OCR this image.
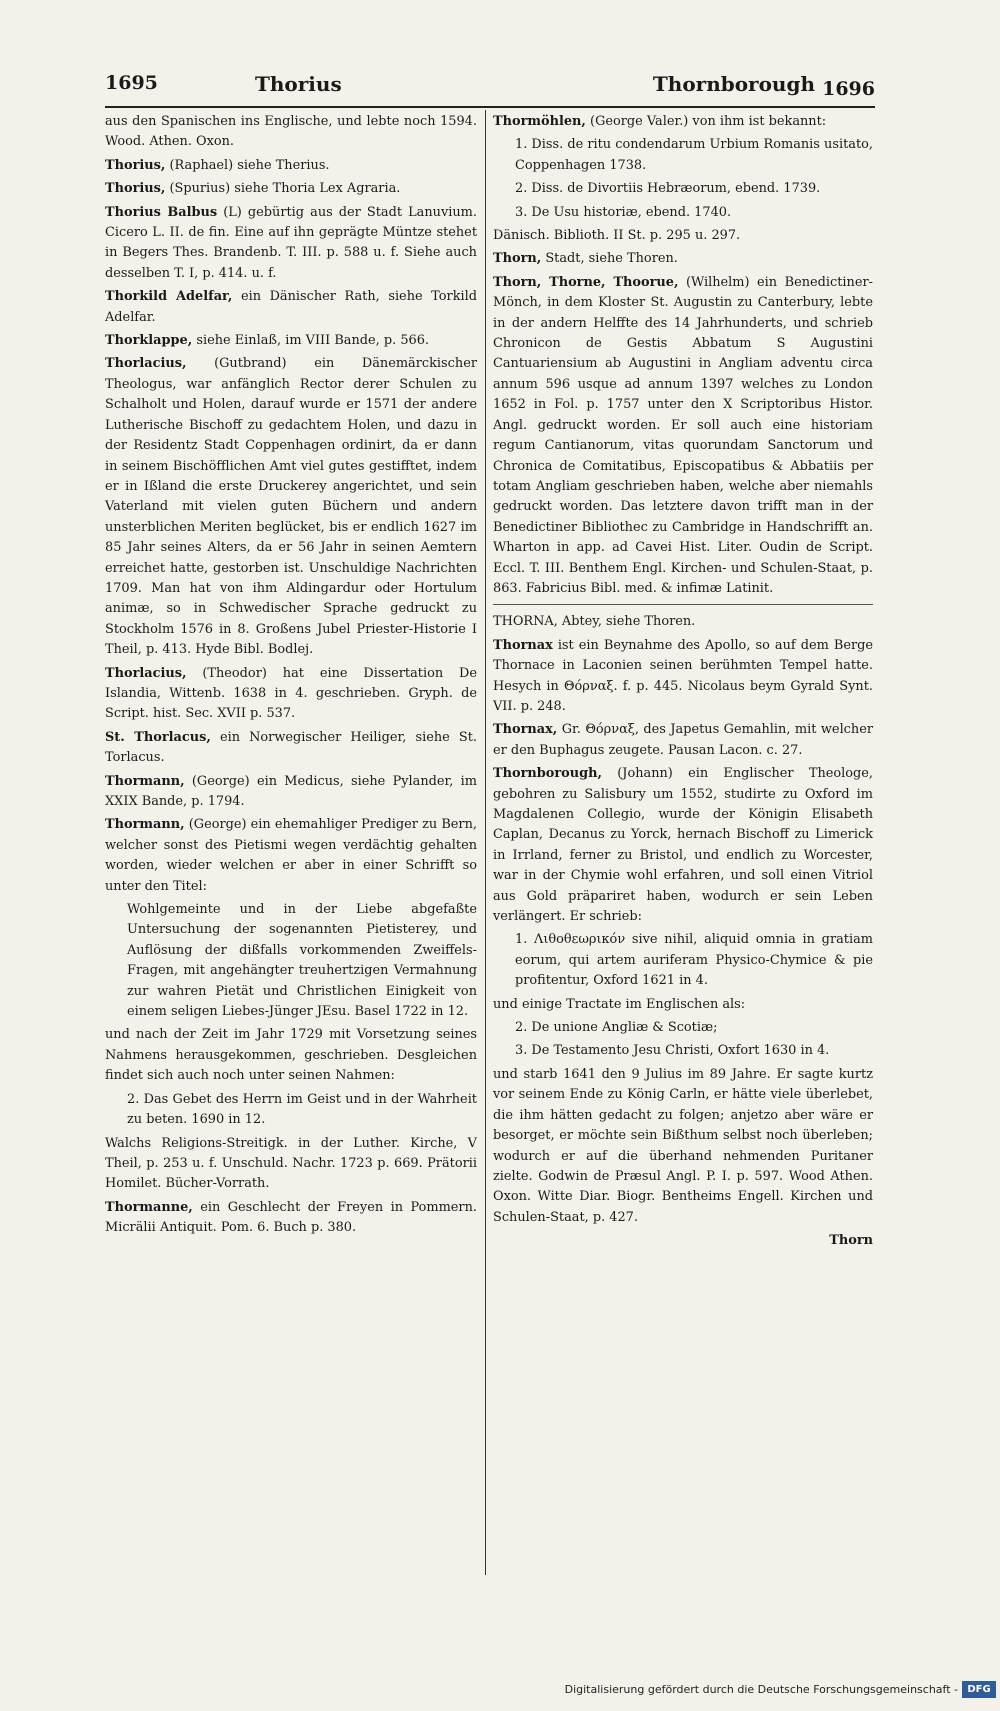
1695	Thorius	Thornborough 1696

aus den Spanischen ins Englische, und lebte noch 1594. Wood. Athen. Oxon.

Thorius, (Raphael) siehe Therius.

Thorius, (Spurius) siehe Thoria Lex Agraria.

Thorius Balbus (L) gebürtig aus der Stadt Lanuvium. Cicero L. II. de fin. Eine auf ihn geprägte Müntze stehet in Begers Thes. Brandenb. T. III. p. 588 u. f. Siehe auch desselben T. I, p. 414. u. f.

Thorkild Adelfar, ein Dänischer Rath, siehe Torkild Adelfar.

Thorklappe, siehe Einlaß, im VIII Bande, p. 566.

Thorlacius, (Gutbrand) ein Dänemärckischer Theologus, war anfänglich Rector derer Schulen zu Schalholt und Holen, darauf wurde er 1571 der andere Lutherische Bischoff zu gedachtem Holen, und dazu in der Residentz Stadt Coppenhagen ordinirt, da er dann in seinem Bischöfflichen Amt viel gutes gestifftet, indem er in Ißland die erste Druckerey angerichtet, und sein Vaterland mit vielen guten Büchern und andern unsterblichen Meriten beglücket, bis er endlich 1627 im 85 Jahr seines Alters, da er 56 Jahr in seinen Aemtern erreichet hatte, gestorben ist. Unschuldige Nachrichten 1709. Man hat von ihm Aldingardur oder Hortulum animæ, so in Schwedischer Sprache gedruckt zu Stockholm 1576 in 8. Großens Jubel Priester-Historie I Theil, p. 413. Hyde Bibl. Bodlej.

Thorlacius, (Theodor) hat eine Dissertation De Islandia, Wittenb. 1638 in 4. geschrieben. Gryph. de Script. hist. Sec. XVII p. 537.

St. Thorlacus, ein Norwegischer Heiliger, siehe St. Torlacus.

Thormann, (George) ein Medicus, siehe Pylander, im XXIX Bande, p. 1794.

Thormann, (George) ein ehemahliger Prediger zu Bern, welcher sonst des Pietismi wegen verdächtig gehalten worden, wieder welchen er aber in einer Schrifft so unter den Titel:

Wohlgemeinte und in der Liebe abgefaßte Untersuchung der sogenannten Pietisterey, und Auflösung der dißfalls vorkommenden Zweiffels-Fragen, mit angehängter treuhertzigen Vermahnung zur wahren Pietät und Christlichen Einigkeit von einem seligen Liebes-Jünger JEsu. Basel 1722 in 12.

und nach der Zeit im Jahr 1729 mit Vorsetzung seines Nahmens herausgekommen, geschrieben. Desgleichen findet sich auch noch unter seinen Nahmen:

2. Das Gebet des Herrn im Geist und in der Wahrheit zu beten. 1690 in 12.

Walchs Religions-Streitigk. in der Luther. Kirche, V Theil, p. 253 u. f. Unschuld. Nachr. 1723 p. 669. Prätorii Homilet. Bücher-Vorrath.

Thormanne, ein Geschlecht der Freyen in Pommern. Micrälii Antiquit. Pom. 6. Buch p. 380.

Thormöhlen, (George Valer.) von ihm ist bekannt:

1. Diss. de ritu condendarum Urbium Romanis usitato, Coppenhagen 1738.

2. Diss. de Divortiis Hebræorum, ebend. 1739.

3. De Usu historiæ, ebend. 1740.

Dänisch. Biblioth. II St. p. 295 u. 297.

Thorn, Stadt, siehe Thoren.

Thorn, Thorne, Thoorue, (Wilhelm) ein Benedictiner-Mönch, in dem Kloster St. Augustin zu Canterbury, lebte in der andern Helffte des 14 Jahrhunderts, und schrieb Chronicon de Gestis Abbatum S Augustini Cantuariensium ab Augustini in Angliam adventu circa annum 596 usque ad annum 1397 welches zu London 1652 in Fol. p. 1757 unter den X Scriptoribus Histor. Angl. gedruckt worden. Er soll auch eine historiam regum Cantianorum, vitas quorundam Sanctorum und Chronica de Comitatibus, Episcopatibus & Abbatiis per totam Angliam geschrieben haben, welche aber niemahls gedruckt worden. Das letztere davon trifft man in der Benedictiner Bibliothec zu Cambridge in Handschrifft an. Wharton in app. ad Cavei Hist. Liter. Oudin de Script. Eccl. T. III. Benthem Engl. Kirchen- und Schulen-Staat, p. 863. Fabricius Bibl. med. & infimæ Latinit.

THORNA, Abtey, siehe Thoren.

Thornax ist ein Beynahme des Apollo, so auf dem Berge Thornace in Laconien seinen berühmten Tempel hatte. Hesych in Θόρναξ. f. p. 445. Nicolaus beym Gyrald Synt. VII. p. 248.

Thornax, Gr. Θόρναξ, des Japetus Gemahlin, mit welcher er den Buphagus zeugete. Pausan Lacon. c. 27.

Thornborough, (Johann) ein Englischer Theologe, gebohren zu Salisbury um 1552, studirte zu Oxford im Magdalenen Collegio, wurde der Königin Elisabeth Caplan, Decanus zu Yorck, hernach Bischoff zu Limerick in Irrland, ferner zu Bristol, und endlich zu Worcester, war in der Chymie wohl erfahren, und soll einen Vitriol aus Gold präpariret haben, wodurch er sein Leben verlängert. Er schrieb:

1. Λιθοθεωρικόν sive nihil, aliquid omnia in gratiam eorum, qui artem auriferam Physico-Chymice & pie profitentur, Oxford 1621 in 4.

und einige Tractate im Englischen als:

2. De unione Angliæ & Scotiæ;

3. De Testamento Jesu Christi, Oxfort 1630 in 4.

und starb 1641 den 9 Julius im 89 Jahre. Er sagte kurtz vor seinem Ende zu König Carln, er hätte viele überlebet, die ihm hätten gedacht zu folgen; anjetzo aber wäre er besorget, er möchte sein Bißthum selbst noch überleben; wodurch er auf die überhand nehmenden Puritaner zielte. Godwin de Præsul Angl. P. I. p. 597. Wood Athen. Oxon. Witte Diar. Biogr. Bentheims Engell. Kirchen und Schulen-Staat, p. 427.

Thorn
Digitalisierung gefördert durch die Deutsche Forschungsgemeinschaft - DFG
